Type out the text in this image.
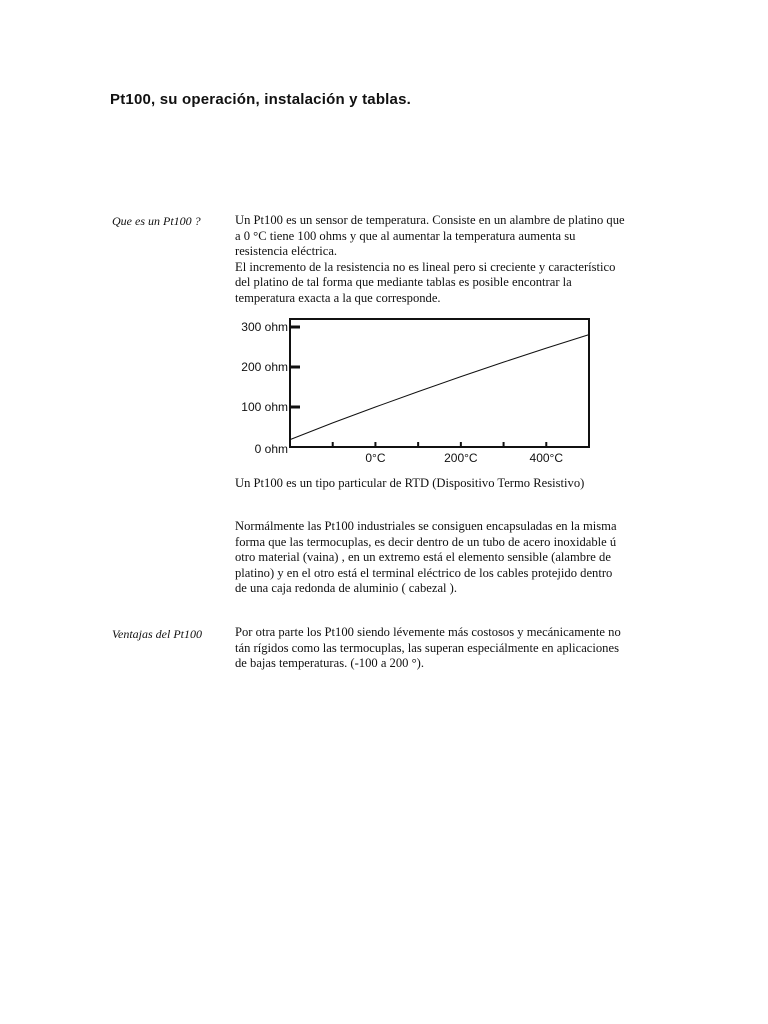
Pt100, su operación, instalación y tablas.
Que es un Pt100 ?	Un Pt100 es un sensor de temperatura. Consiste en un alambre de platino que a 0 °C tiene 100 ohms y que al aumentar la temperatura aumenta su resistencia eléctrica.

El incremento de la resistencia no es lineal pero si creciente y característico del platino de tal forma que mediante tablas es posible encontrar la temperatura exacta a la que corresponde.

0 ohm
100 ohm
200 ohm
300 ohm
0°C	200°C	400°C
Un Pt100 es un tipo particular de RTD (Dispositivo Termo Resistivo)
Normálmente las Pt100 industriales se consiguen encapsuladas en la misma forma que las termocuplas, es decir dentro de un tubo de acero inoxidable ú otro material (vaina) , en un extremo está el elemento sensible (alambre de platino) y en el otro está el terminal eléctrico de los cables protejido dentro de una caja redonda de aluminio ( cabezal ).
Ventajas del Pt100	Por otra parte los Pt100 siendo lévemente más costosos y mecánicamente no tán rígidos como las termocuplas, las superan especiálmente en aplicaciones de bajas temperaturas. (-100 a 200 °).
